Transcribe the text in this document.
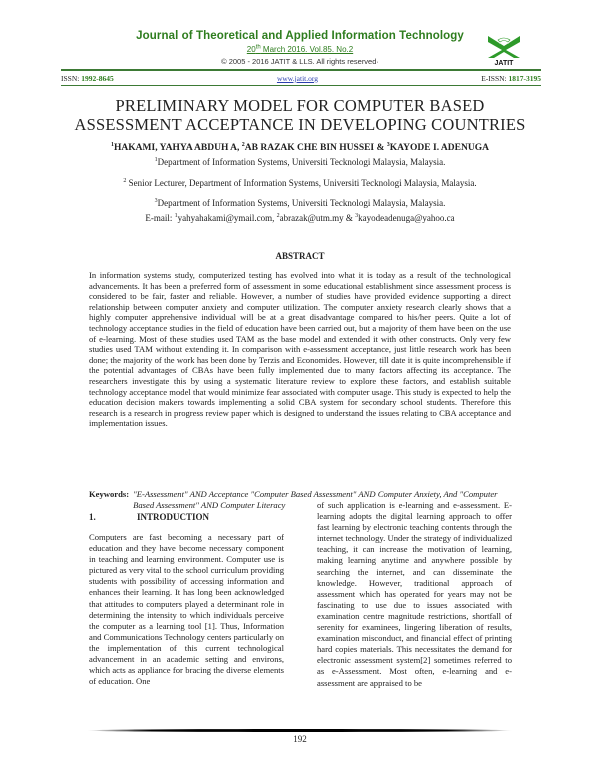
Journal of Theoretical and Applied Information Technology
20th March 2016. Vol.85. No.2
© 2005 - 2016 JATIT & LLS. All rights reserved·	JATIT
ISSN: 1992-8645	www.jatit.org	E-ISSN: 1817-3195
PRELIMINARY MODEL FOR COMPUTER BASED
ASSESSMENT ACCEPTANCE IN DEVELOPING COUNTRIES
$^1$HAKAMI, YAHYA ABDUH A, $^2$AB RAZAK CHE BIN HUSSEI & $^3$KAYODE I. ADENUGA
$^1$Department of Information Systems, Universiti Tecknologi Malaysia, Malaysia.
$^2$ Senior Lecturer, Department of Information Systems, Universiti Tecknologi Malaysia, Malaysia.
$^3$Department of Information Systems, Universiti Tecknologi Malaysia, Malaysia.
E-mail: $^1$yahyahakami@ymail.com, $^2$abrazak@utm.my & $^3$kayodeadenuga@yahoo.ca
ABSTRACT
In information systems study, computerized testing has evolved into what it is today as a result of the technological advancements. It has been a preferred form of assessment in some educational establishment since assessment process is considered to be fair, faster and reliable. However, a number of studies have provided evidence supporting a direct relationship between computer anxiety and computer utilization. The computer anxiety research clearly shows that a highly computer apprehensive individual will be at a great disadvantage compared to his/her peers. Quite a lot of technology acceptance studies in the field of education have been carried out, but a majority of them have been on the use of e-learning. Most of these studies used TAM as the base model and extended it with other constructs. Only very few studies used TAM without extending it. In comparison with e-assessment acceptance, just little research work has been done; the majority of the work has been done by Terzis and Economides. However, till date it is quite incomprehensible if the potential advantages of CBAs have been fully implemented due to many factors affecting its acceptance. The researchers investigate this by using a systematic literature review to explore these factors, and establish suitable technology acceptance model that would minimize fear associated with computer usage. This study is expected to help the education decision makers towards implementing a solid CBA system for secondary school students. Therefore this research is a research in progress review paper which is designed to understand the issues relating to CBA acceptance and implementation issues.
Keywords: "E-Assessment" AND Acceptance "Computer Based Assessment" AND Computer Anxiety, And "Computer Based Assessment" AND Computer Literacy
1.	INTRODUCTION
Computers are fast becoming a necessary part of education and they have become necessary component in teaching and learning environment. Computer use is pictured as very vital to the school curriculum providing students with possibility of accessing information and enhances their learning. It has long been acknowledged that attitudes to computers played a determinant role in determining the intensity to which individuals perceive the computer as a learning tool [1]. Thus, Information and Communications Technology centers particularly on the implementation of this current technological advancement in an academic setting and environs, which acts as appliance for bracing the diverse elements of education. One
of such application is e-learning and e-assessment. E-learning adopts the digital learning approach to offer fast learning by electronic teaching contents through the internet technology. Under the strategy of individualized teaching, it can increase the motivation of learning, making learning anytime and anywhere possible by searching the internet, and can disseminate the knowledge. However, traditional approach of assessment which has operated for years may not be fascinating to use due to issues associated with examination centre magnitude restrictions, shortfall of serenity for examinees, lingering liberation of results, examination misconduct, and financial effect of printing hard copies materials. This necessitates the demand for electronic assessment system[2] sometimes referred to as e-Assessment. Most often, e-learning and e-assessment are appraised to be
192
